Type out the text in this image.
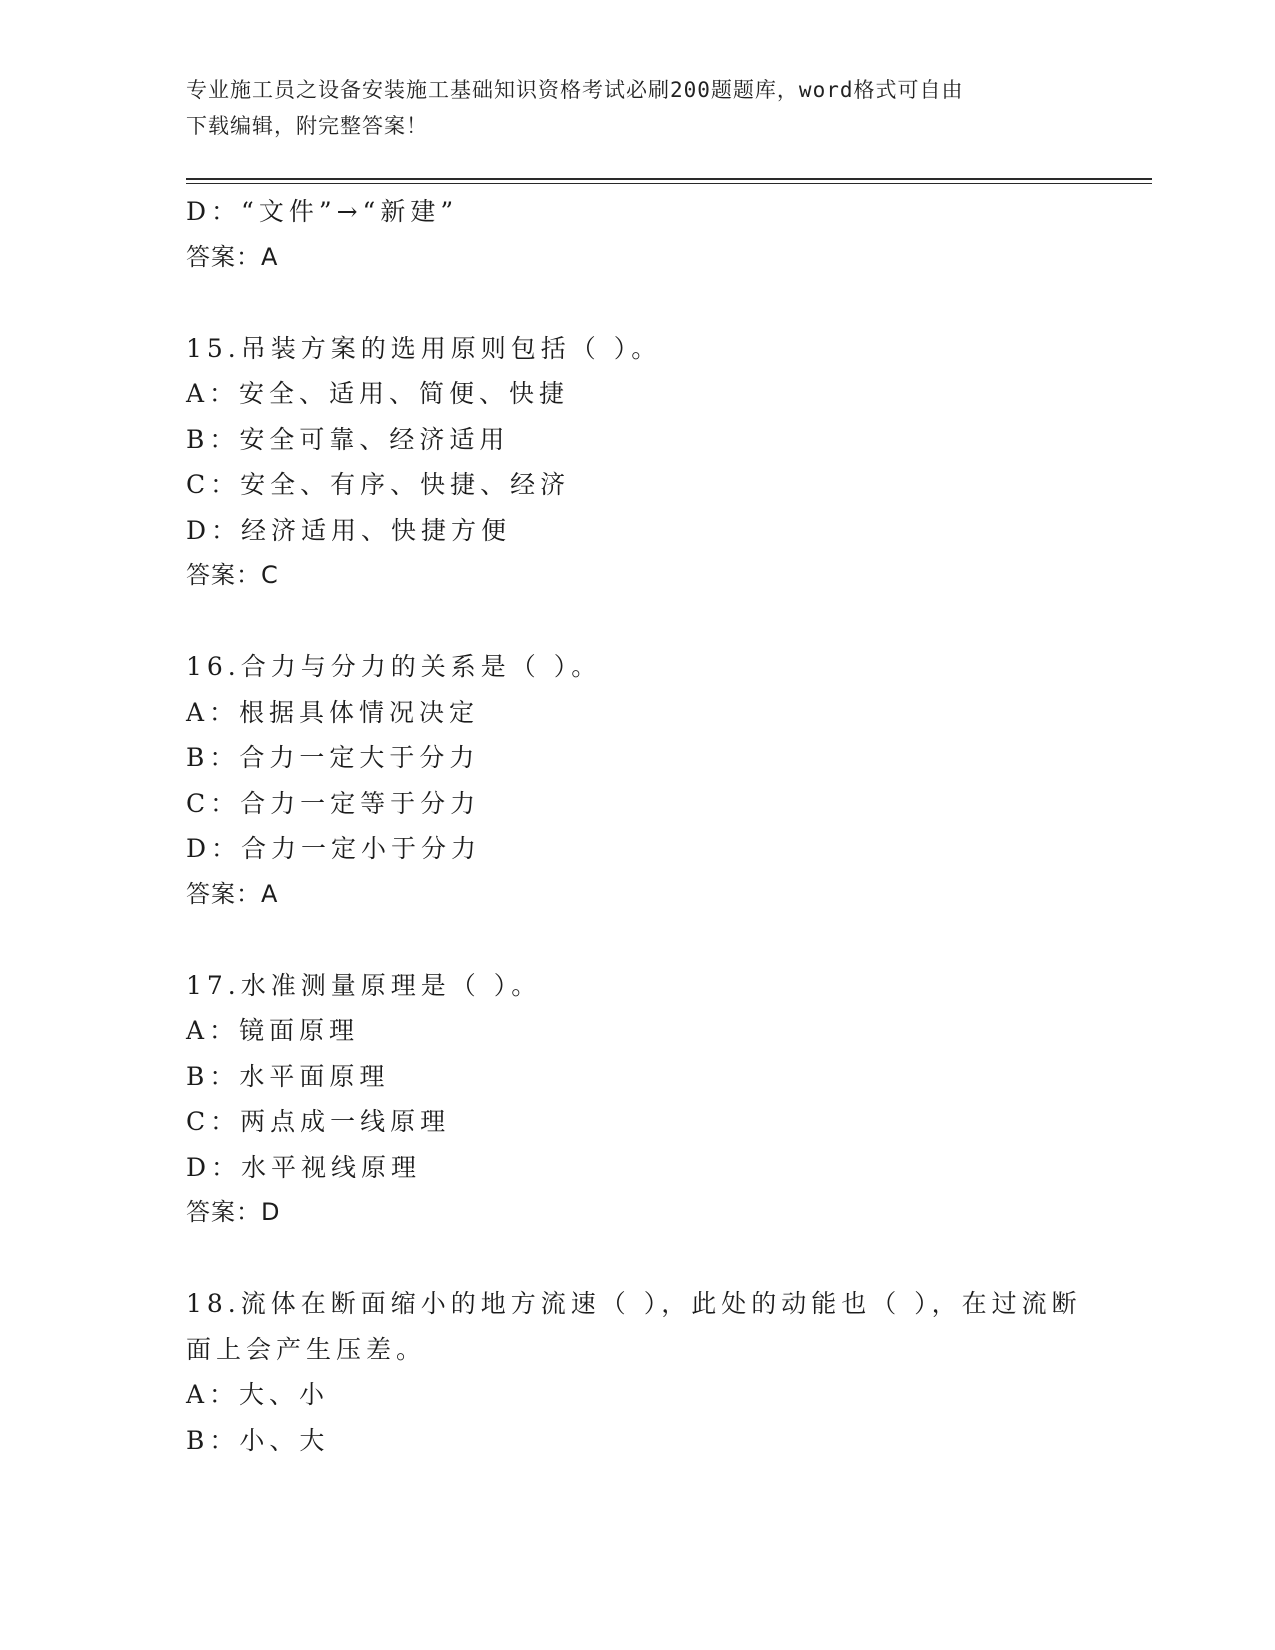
专业施工员之设备安装施工基础知识资格考试必刷200题题库，word格式可自由
下载编辑，附完整答案！
D：“文件”→“新建”
答案：A
15.吊装方案的选用原则包括（ ）。
A：安全、适用、简便、快捷
B：安全可靠、经济适用
C：安全、有序、快捷、经济
D：经济适用、快捷方便
答案：C
16.合力与分力的关系是（ ）。
A：根据具体情况决定
B：合力一定大于分力
C：合力一定等于分力
D：合力一定小于分力
答案：A
17.水准测量原理是（ ）。
A：镜面原理
B：水平面原理
C：两点成一线原理
D：水平视线原理
答案：D
18.流体在断面缩小的地方流速（ ），此处的动能也（ ），在过流断
面上会产生压差。
A：大、小
B：小、大
